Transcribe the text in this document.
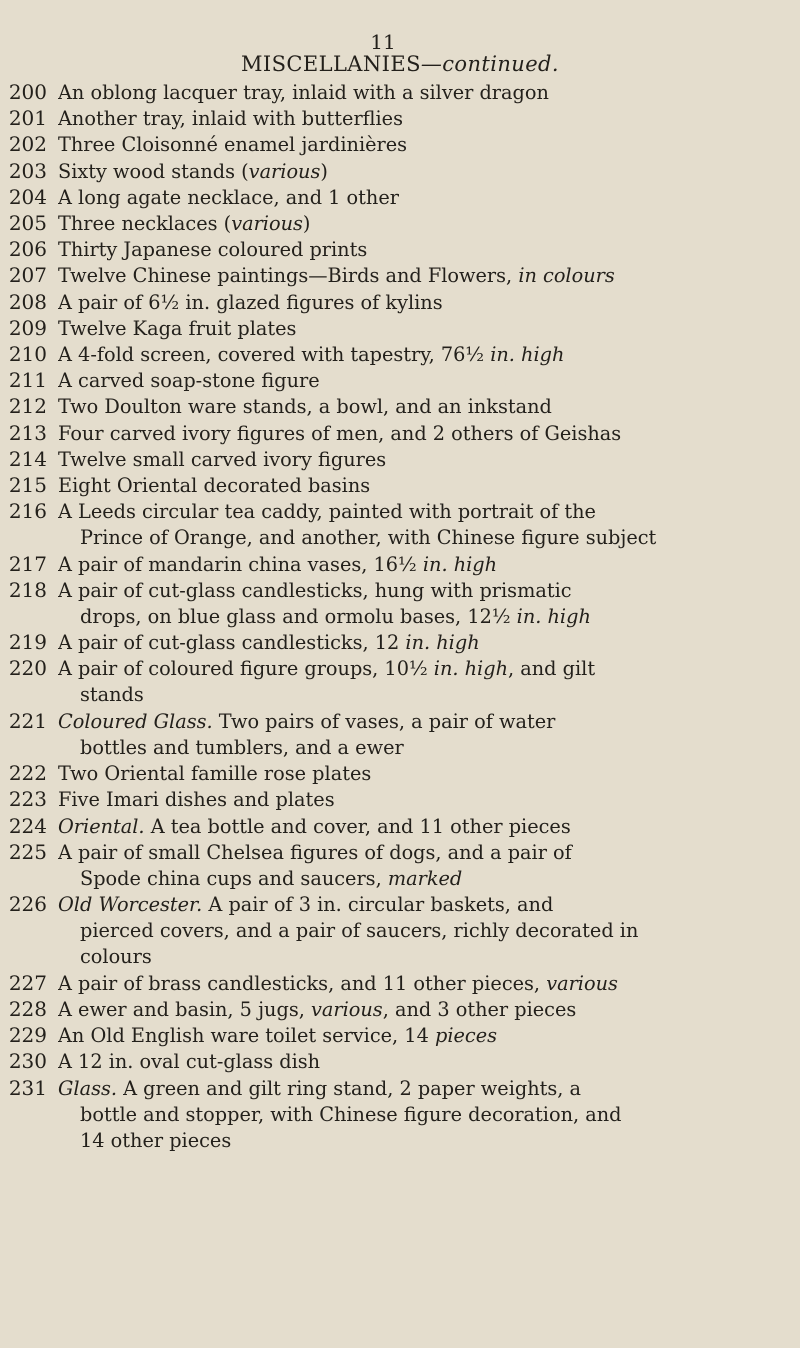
11
MISCELLANIES—continued.
200 An oblong lacquer tray, inlaid with a silver dragon
201 Another tray, inlaid with butterflies
202 Three Cloisonné enamel jardinières
203 Sixty wood stands (various)
204 A long agate necklace, and 1 other
205 Three necklaces (various)
206 Thirty Japanese coloured prints
207 Twelve Chinese paintings—Birds and Flowers, in colours
208 A pair of 6½ in. glazed figures of kylins
209 Twelve Kaga fruit plates
210 A 4-fold screen, covered with tapestry, 76½ in. high
211 A carved soap-stone figure
212 Two Doulton ware stands, a bowl, and an inkstand
213 Four carved ivory figures of men, and 2 others of Geishas
214 Twelve small carved ivory figures
215 Eight Oriental decorated basins
216 A Leeds circular tea caddy, painted with portrait of the
Prince of Orange, and another, with Chinese figure subject
217 A pair of mandarin china vases, 16½ in. high
218 A pair of cut-glass candlesticks, hung with prismatic
drops, on blue glass and ormolu bases, 12½ in. high
219 A pair of cut-glass candlesticks, 12 in. high
220 A pair of coloured figure groups, 10½ in. high, and gilt
stands
221 Coloured Glass. Two pairs of vases, a pair of water
bottles and tumblers, and a ewer
222 Two Oriental famille rose plates
223 Five Imari dishes and plates
224 Oriental. A tea bottle and cover, and 11 other pieces
225 A pair of small Chelsea figures of dogs, and a pair of
Spode china cups and saucers, marked
226 Old Worcester. A pair of 3 in. circular baskets, and
pierced covers, and a pair of saucers, richly decorated in
colours
227 A pair of brass candlesticks, and 11 other pieces, various
228 A ewer and basin, 5 jugs, various, and 3 other pieces
229 An Old English ware toilet service, 14 pieces
230 A 12 in. oval cut-glass dish
231 Glass. A green and gilt ring stand, 2 paper weights, a
bottle and stopper, with Chinese figure decoration, and
14 other pieces
